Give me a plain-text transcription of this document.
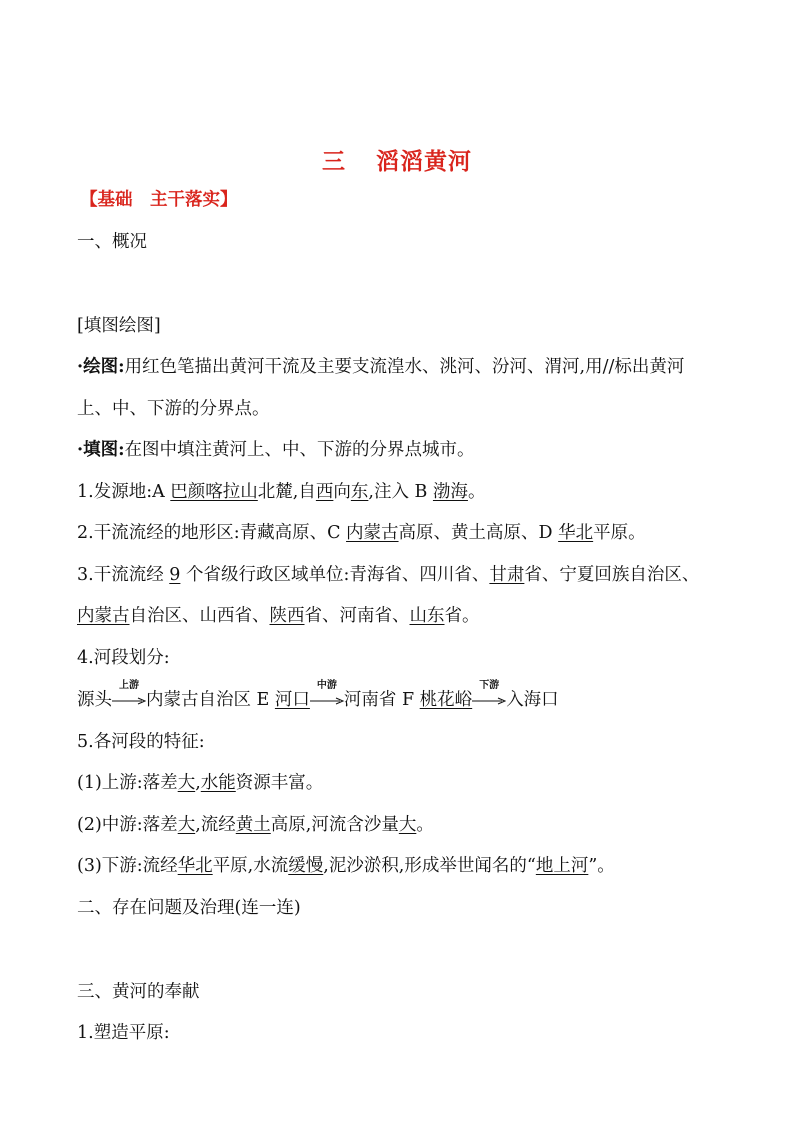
三 滔滔黄河
【基础　主干落实】
一、概况
[填图绘图]
·绘图:用红色笔描出黄河干流及主要支流湟水、洮河、汾河、渭河,用//标出黄河
上、中、下游的分界点。
·填图:在图中填注黄河上、中、下游的分界点城市。
1.发源地:A 巴颜喀拉山北麓,自西向东,注入 B 渤海。
2.干流流经的地形区:青藏高原、C 内蒙古高原、黄土高原、D 华北平原。
3.干流流经 9 个省级行政区域单位:青海省、四川省、甘肃省、宁夏回族自治区、
内蒙古自治区、山西省、陕西省、河南省、山东省。
4.河段划分:
源头
上游
内蒙古自治区 E 河口
中游
河南省 F 桃花峪
下游
入海口
5.各河段的特征:
(1)上游:落差大,水能资源丰富。
(2)中游:落差大,流经黄土高原,河流含沙量大。
(3)下游:流经华北平原,水流缓慢,泥沙淤积,形成举世闻名的“地上河”。
二、存在问题及治理(连一连)
三、黄河的奉献
1.塑造平原:
